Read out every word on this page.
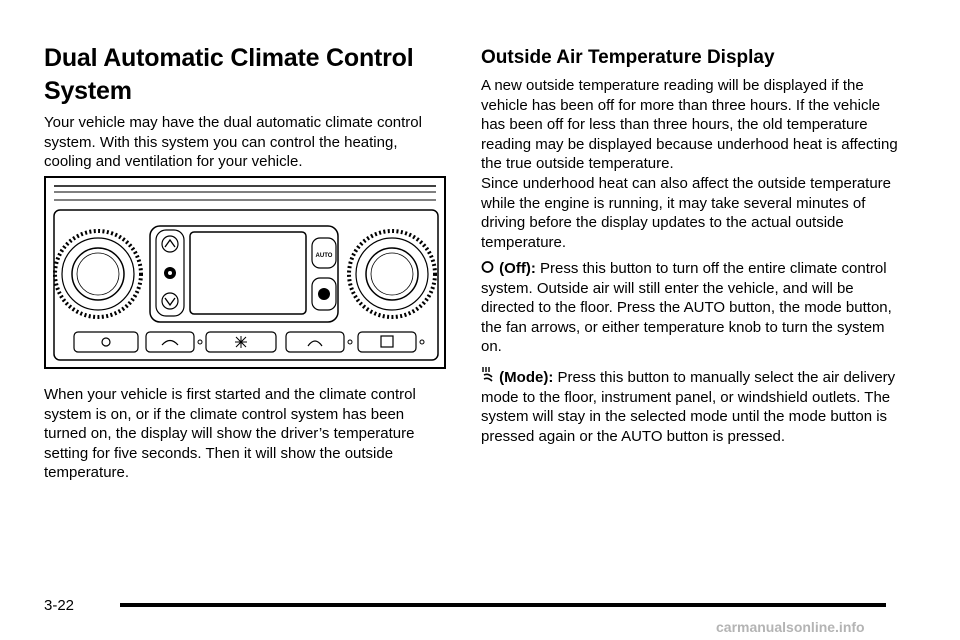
Dual Automatic Climate Control System

Your vehicle may have the dual automatic climate control system. With this system you can control the heating, cooling and ventilation for your vehicle.

AUTO

When your vehicle is first started and the climate control system is on, or if the climate control system has been turned on, the display will show the driver’s temperature setting for five seconds. Then it will show the outside temperature.

Outside Air Temperature Display

A new outside temperature reading will be displayed if the vehicle has been off for more than three hours. If the vehicle has been off for less than three hours, the old temperature reading may be displayed because underhood heat is affecting the true outside temperature.

Since underhood heat can also affect the outside temperature while the engine is running, it may take several minutes of driving before the display updates to the actual outside temperature.

(Off): Press this button to turn off the entire climate control system. Outside air will still enter the vehicle, and will be directed to the floor. Press the AUTO button, the mode button, the fan arrows, or either temperature knob to turn the system on.

(Mode): Press this button to manually select the air delivery mode to the floor, instrument panel, or windshield outlets. The system will stay in the selected mode until the mode button is pressed again or the AUTO button is pressed.

3-22
carmanualsonline.info
